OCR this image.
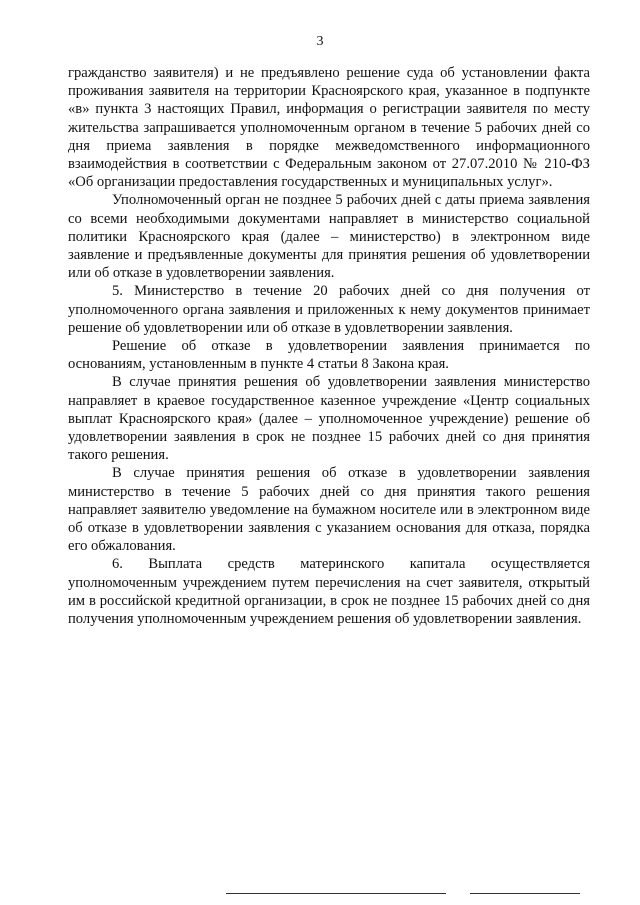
3

гражданство заявителя) и не предъявлено решение суда об установлении факта проживания заявителя на территории Красноярского края, указанное в подпункте «в» пункта 3 настоящих Правил, информация о регистрации заявителя по месту жительства запрашивается уполномоченным органом в течение 5 рабочих дней со дня приема заявления в порядке межведомственного информационного взаимодействия в соответствии с Федеральным законом от 27.07.2010 № 210-ФЗ «Об организации предоставления государственных и муниципальных услуг».

Уполномоченный орган не позднее 5 рабочих дней с даты приема заявления со всеми необходимыми документами направляет в министерство социальной политики Красноярского края (далее – министерство) в электронном виде заявление и предъявленные документы для принятия решения об удовлетворении или об отказе в удовлетворении заявления.

5. Министерство в течение 20 рабочих дней со дня получения от уполномоченного органа заявления и приложенных к нему документов принимает решение об удовлетворении или об отказе в удовлетворении заявления.

Решение об отказе в удовлетворении заявления принимается по основаниям, установленным в пункте 4 статьи 8 Закона края.

В случае принятия решения об удовлетворении заявления министерство направляет в краевое государственное казенное учреждение «Центр социальных выплат Красноярского края» (далее – уполномоченное учреждение) решение об удовлетворении заявления в срок не позднее 15 рабочих дней со дня принятия такого решения.

В случае принятия решения об отказе в удовлетворении заявления министерство в течение 5 рабочих дней со дня принятия такого решения направляет заявителю уведомление на бумажном носителе или в электронном виде об отказе в удовлетворении заявления с указанием основания для отказа, порядка его обжалования.

6. Выплата средств материнского капитала осуществляется уполномоченным учреждением путем перечисления на счет заявителя, открытый им в российской кредитной организации, в срок не позднее 15 рабочих дней со дня получения уполномоченным учреждением решения об удовлетворении заявления.
